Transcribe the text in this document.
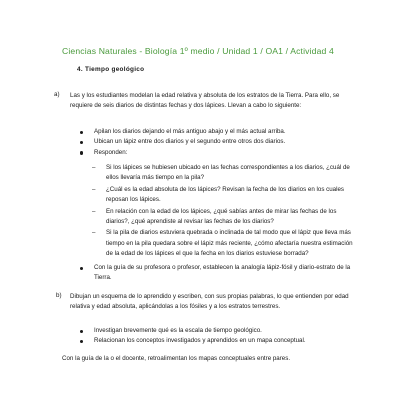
Ciencias Naturales - Biología 1º medio / Unidad 1 / OA1 / Actividad 4

4. Tiempo geológico

a) Las y los estudiantes modelan la edad relativa y absoluta de los estratos de la Tierra. Para ello, se requiere de seis diarios de distintas fechas y dos lápices. Llevan a cabo lo siguiente:

Apilan los diarios dejando el más antiguo abajo y el más actual arriba.
Ubican un lápiz entre dos diarios y el segundo entre otros dos diarios.
Responden:
– Si los lápices se hubiesen ubicado en las fechas correspondientes a los diarios, ¿cuál de ellos llevaría más tiempo en la pila?
– ¿Cuál es la edad absoluta de los lápices? Revisan la fecha de los diarios en los cuales reposan los lápices.
– En relación con la edad de los lápices, ¿qué sabías antes de mirar las fechas de los diarios?, ¿qué aprendiste al revisar las fechas de los diarios?
– Si la pila de diarios estuviera quebrada o inclinada de tal modo que el lápiz que lleva más tiempo en la pila quedara sobre el lápiz más reciente, ¿cómo afectaría nuestra estimación de la edad de los lápices el que la fecha en los diarios estuviese borrada?
Con la guía de su profesora o profesor, establecen la analogía lápiz-fósil y diario-estrato de la Tierra.
b) Dibujan un esquema de lo aprendido y escriben, con sus propias palabras, lo que entienden por edad relativa y edad absoluta, aplicándolas a los fósiles y a los estratos terrestres.

Investigan brevemente qué es la escala de tiempo geológico.
Relacionan los conceptos investigados y aprendidos en un mapa conceptual.

Con la guía de la o el docente, retroalimentan los mapas conceptuales entre pares.
